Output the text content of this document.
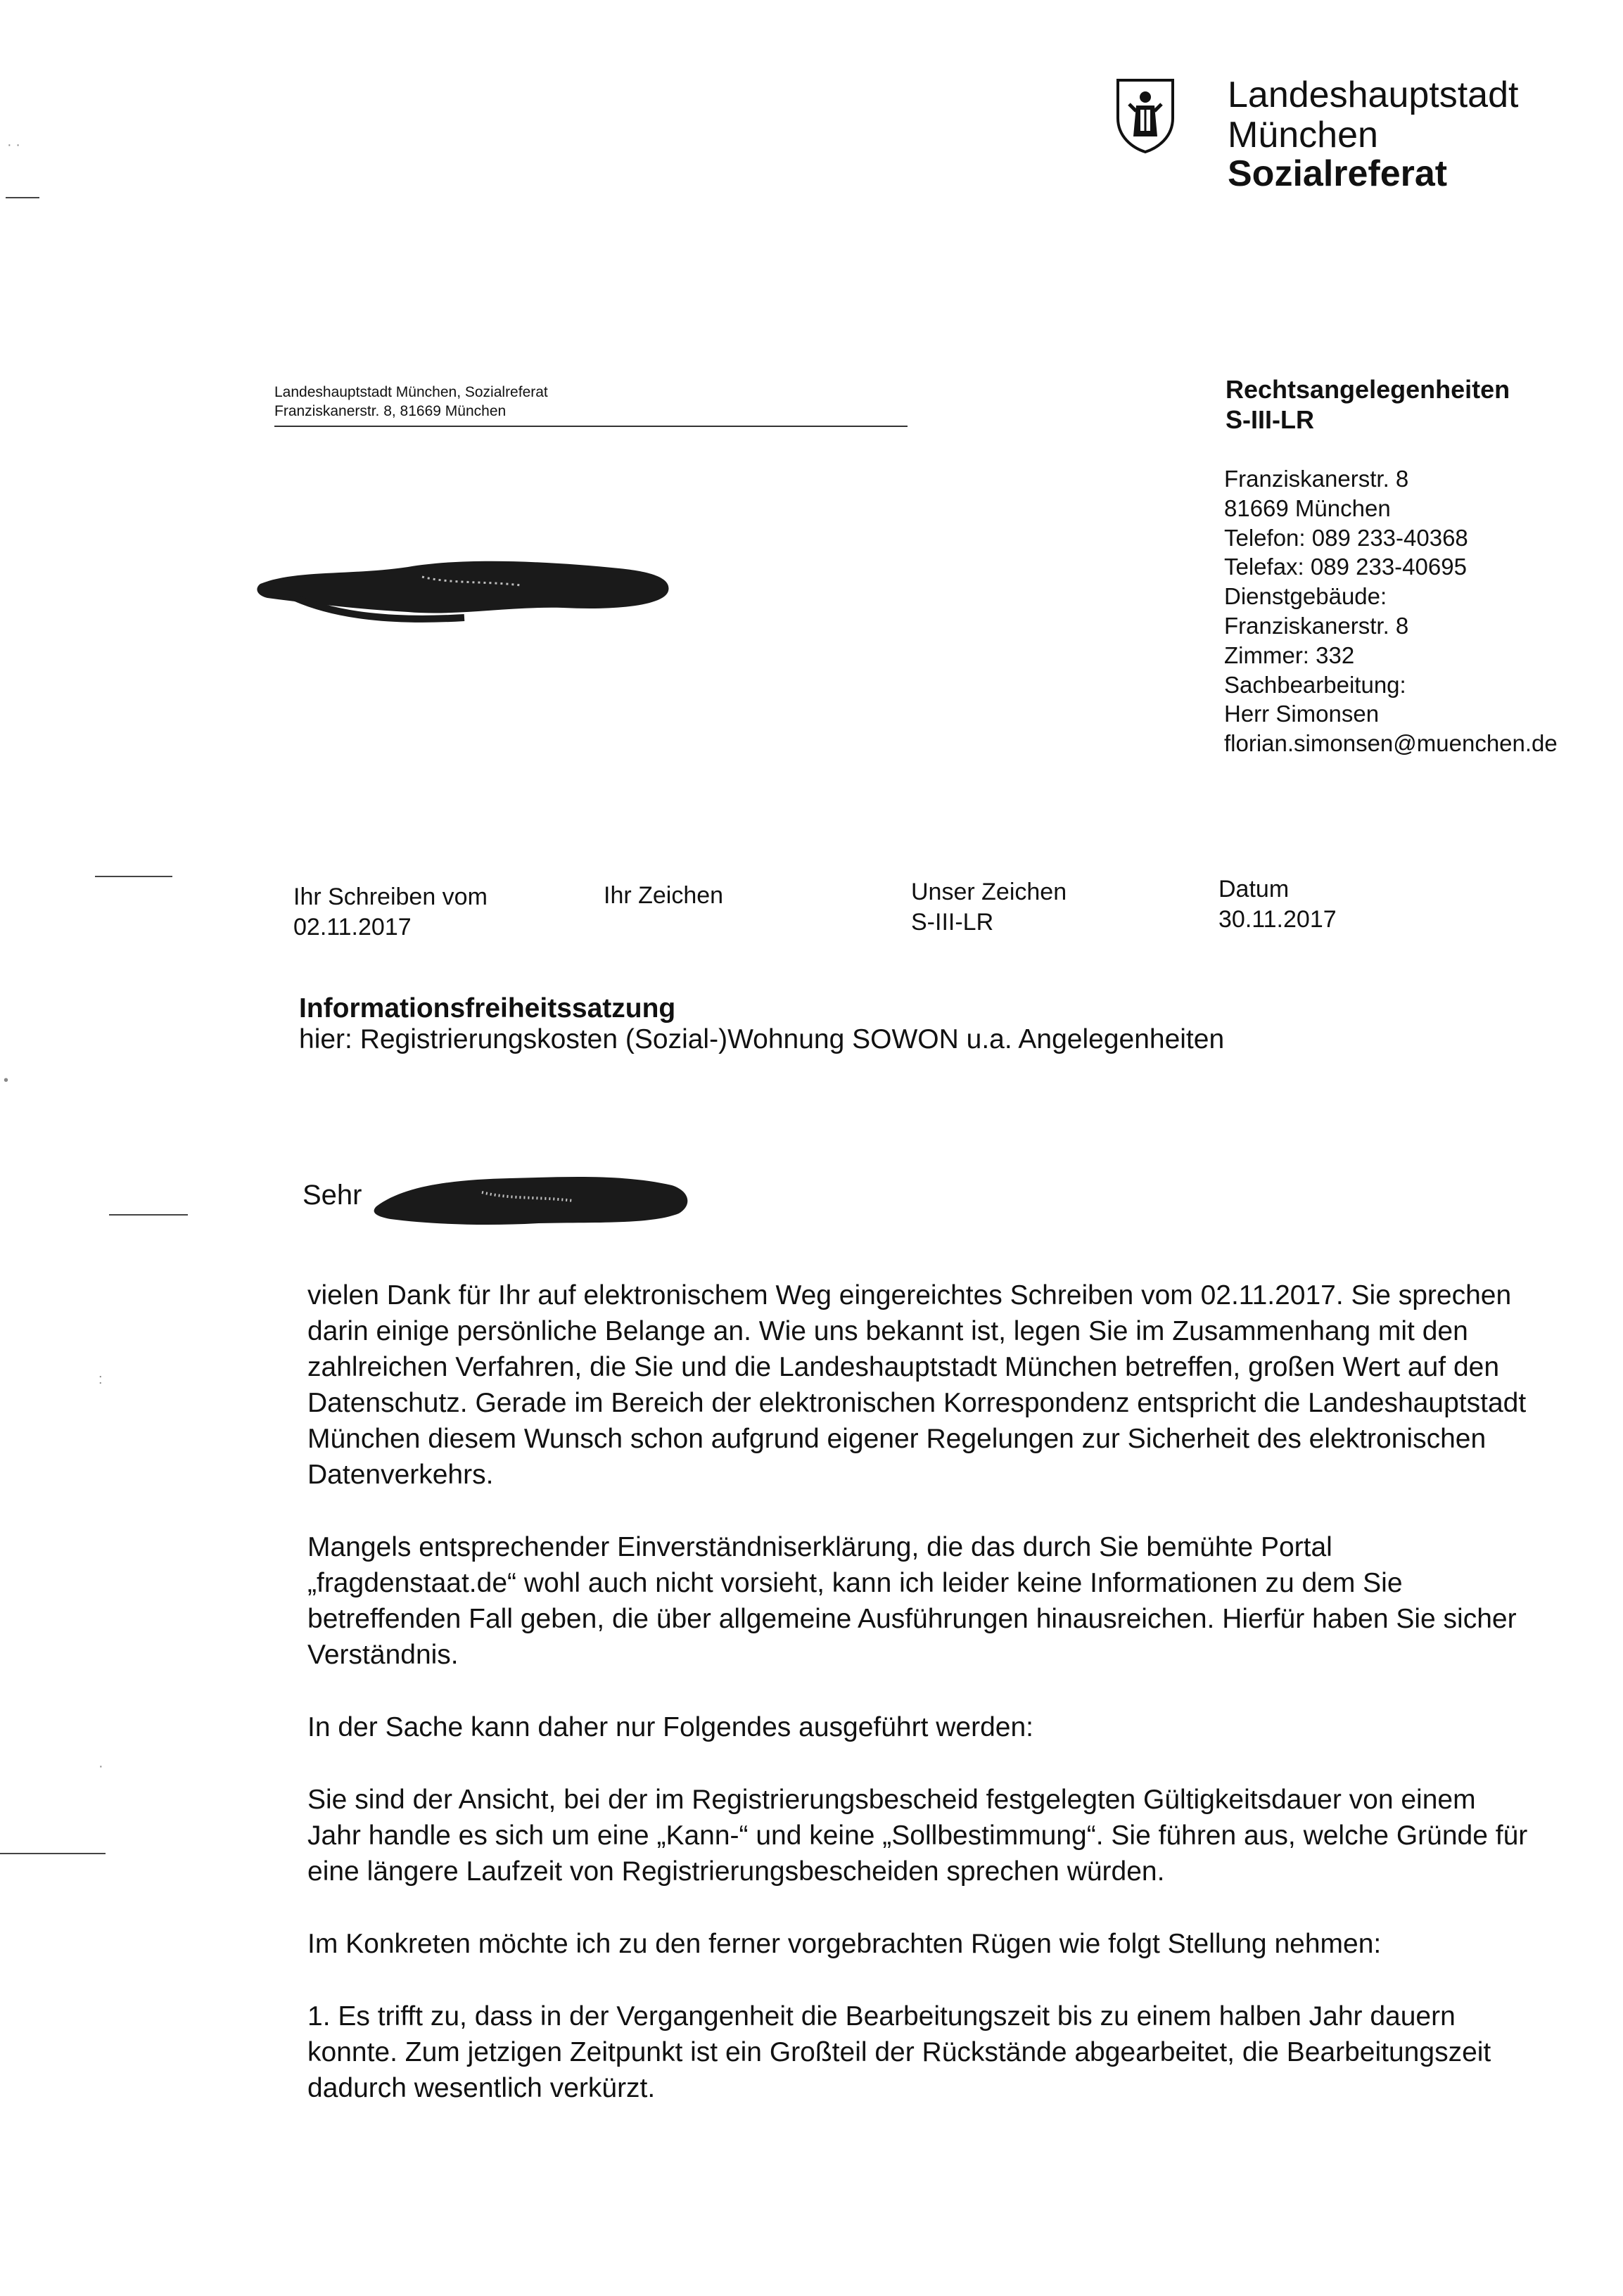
Landeshauptstadt
München
Sozialreferat
Landeshauptstadt München, Sozialreferat
Franziskanerstr. 8, 81669 München
Rechtsangelegenheiten
S-III-LR
Franziskanerstr. 8
81669 München
Telefon: 089 233-40368
Telefax: 089 233-40695
Dienstgebäude:
Franziskanerstr. 8
Zimmer: 332
Sachbearbeitung:
Herr Simonsen
florian.simonsen@muenchen.de
Ihr Schreiben vom
02.11.2017
Ihr Zeichen	Unser Zeichen
S-III-LR
Datum
30.11.2017
Informationsfreiheitssatzung
hier: Registrierungskosten (Sozial-)Wohnung SOWON u.a. Angelegenheiten
Sehr

vielen Dank für Ihr auf elektronischem Weg eingereichtes Schreiben vom 02.11.2017. Sie sprechen darin einige persönliche Belange an. Wie uns bekannt ist, legen Sie im Zusammenhang mit den zahlreichen Verfahren, die Sie und die Landeshauptstadt München betreffen, großen Wert auf den Datenschutz. Gerade im Bereich der elektronischen Korrespondenz entspricht die Landeshauptstadt München diesem Wunsch schon aufgrund eigener Regelungen zur Sicherheit des elektronischen Datenverkehrs.

Mangels entsprechender Einverständniserklärung, die das durch Sie bemühte Portal „fragdenstaat.de“ wohl auch nicht vorsieht, kann ich leider keine Informationen zu dem Sie betreffenden Fall geben, die über allgemeine Ausführungen hinausreichen. Hierfür haben Sie sicher Verständnis.

In der Sache kann daher nur Folgendes ausgeführt werden:

Sie sind der Ansicht, bei der im Registrierungsbescheid festgelegten Gültigkeitsdauer von einem Jahr handle es sich um eine „Kann-“ und keine „Sollbestimmung“. Sie führen aus, welche Gründe für eine längere Laufzeit von Registrierungsbescheiden sprechen würden.

Im Konkreten möchte ich zu den ferner vorgebrachten Rügen wie folgt Stellung nehmen:

1. Es trifft zu, dass in der Vergangenheit die Bearbeitungszeit bis zu einem halben Jahr dauern konnte. Zum jetzigen Zeitpunkt ist ein Großteil der Rückstände abgearbeitet, die Bearbeitungszeit dadurch wesentlich verkürzt.

· ·
•
:
·
